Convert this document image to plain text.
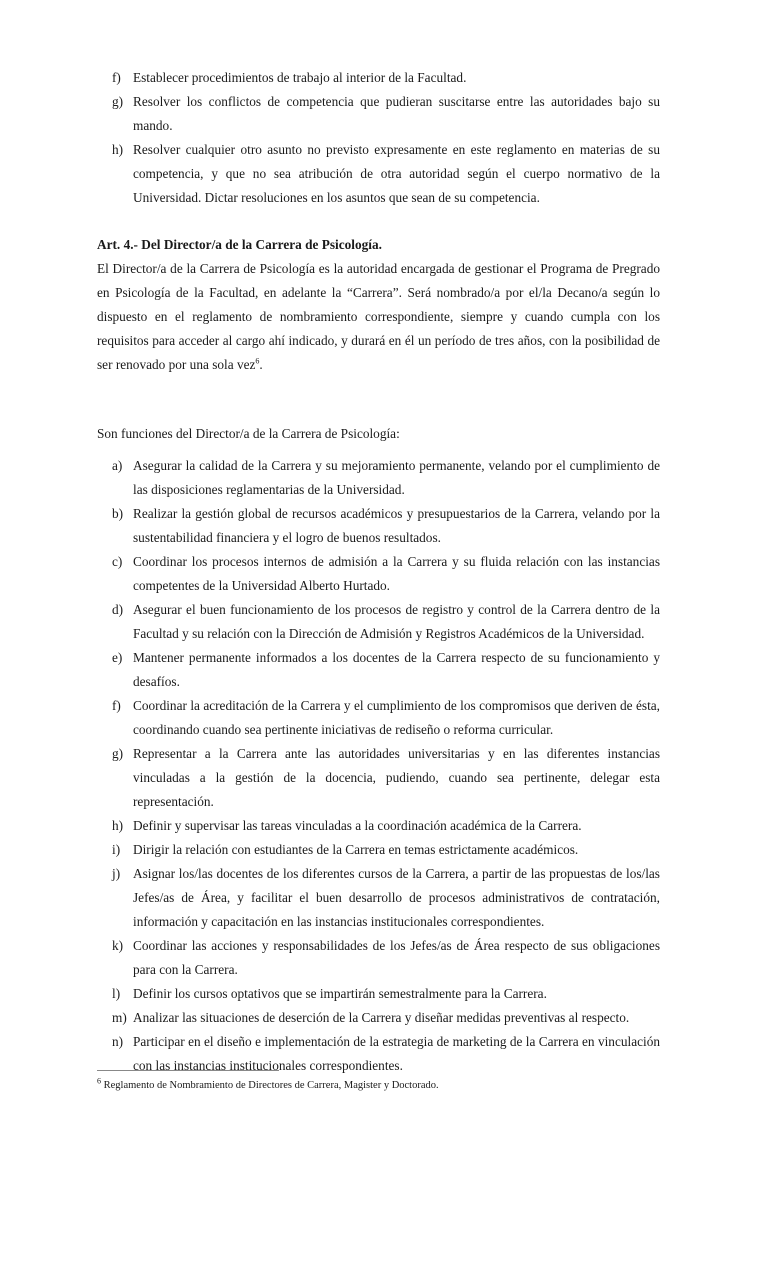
f) Establecer procedimientos de trabajo al interior de la Facultad.
g) Resolver los conflictos de competencia que pudieran suscitarse entre las autoridades bajo su mando.
h) Resolver cualquier otro asunto no previsto expresamente en este reglamento en materias de su competencia, y que no sea atribución de otra autoridad según el cuerpo normativo de la Universidad. Dictar resoluciones en los asuntos que sean de su competencia.
Art. 4.- Del Director/a de la Carrera de Psicología.

El Director/a de la Carrera de Psicología es la autoridad encargada de gestionar el Programa de Pregrado en Psicología de la Facultad, en adelante la “Carrera”. Será nombrado/a por el/la Decano/a según lo dispuesto en el reglamento de nombramiento correspondiente, siempre y cuando cumpla con los requisitos para acceder al cargo ahí indicado, y durará en él un período de tres años, con la posibilidad de ser renovado por una sola vez$^6$.

Son funciones del Director/a de la Carrera de Psicología:

a) Asegurar la calidad de la Carrera y su mejoramiento permanente, velando por el cumplimiento de las disposiciones reglamentarias de la Universidad.
b) Realizar la gestión global de recursos académicos y presupuestarios de la Carrera, velando por la sustentabilidad financiera y el logro de buenos resultados.
c) Coordinar los procesos internos de admisión a la Carrera y su fluida relación con las instancias competentes de la Universidad Alberto Hurtado.
d) Asegurar el buen funcionamiento de los procesos de registro y control de la Carrera dentro de la Facultad y su relación con la Dirección de Admisión y Registros Académicos de la Universidad.
e) Mantener permanente informados a los docentes de la Carrera respecto de su funcionamiento y desafíos.
f) Coordinar la acreditación de la Carrera y el cumplimiento de los compromisos que deriven de ésta, coordinando cuando sea pertinente iniciativas de rediseño o reforma curricular.
g) Representar a la Carrera ante las autoridades universitarias y en las diferentes instancias vinculadas a la gestión de la docencia, pudiendo, cuando sea pertinente, delegar esta representación.
h) Definir y supervisar las tareas vinculadas a la coordinación académica de la Carrera.
i) Dirigir la relación con estudiantes de la Carrera en temas estrictamente académicos.
j) Asignar los/las docentes de los diferentes cursos de la Carrera, a partir de las propuestas de los/las Jefes/as de Área, y facilitar el buen desarrollo de procesos administrativos de contratación, información y capacitación en las instancias institucionales correspondientes.
k) Coordinar las acciones y responsabilidades de los Jefes/as de Área respecto de sus obligaciones para con la Carrera.
l) Definir los cursos optativos que se impartirán semestralmente para la Carrera.
m) Analizar las situaciones de deserción de la Carrera y diseñar medidas preventivas al respecto.
n) Participar en el diseño e implementación de la estrategia de marketing de la Carrera en vinculación con las instancias institucionales correspondientes.
$^6$ Reglamento de Nombramiento de Directores de Carrera, Magister y Doctorado.
